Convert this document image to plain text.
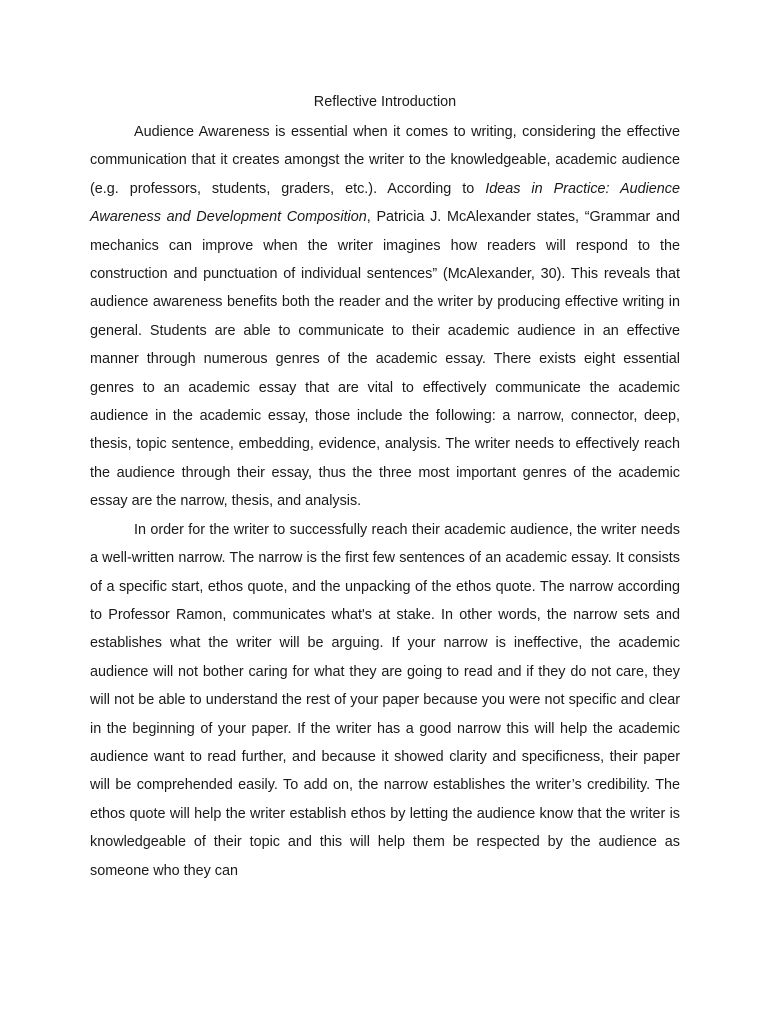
Reflective Introduction

Audience Awareness is essential when it comes to writing, considering the effective communication that it creates amongst the writer to the knowledgeable, academic audience (e.g. professors, students, graders, etc.). According to Ideas in Practice: Audience Awareness and Development Composition, Patricia J. McAlexander states, “Grammar and mechanics can improve when the writer imagines how readers will respond to the construction and punctuation of individual sentences” (McAlexander, 30). This reveals that audience awareness benefits both the reader and the writer by producing effective writing in general. Students are able to communicate to their academic audience in an effective manner through numerous genres of the academic essay. There exists eight essential genres to an academic essay that are vital to effectively communicate the academic audience in the academic essay, those include the following: a narrow, connector, deep, thesis, topic sentence, embedding, evidence, analysis. The writer needs to effectively reach the audience through their essay, thus the three most important genres of the academic essay are the narrow, thesis, and analysis.

In order for the writer to successfully reach their academic audience, the writer needs a well-written narrow. The narrow is the first few sentences of an academic essay. It consists of a specific start, ethos quote, and the unpacking of the ethos quote. The narrow according to Professor Ramon, communicates what's at stake. In other words, the narrow sets and establishes what the writer will be arguing. If your narrow is ineffective, the academic audience will not bother caring for what they are going to read and if they do not care, they will not be able to understand the rest of your paper because you were not specific and clear in the beginning of your paper. If the writer has a good narrow this will help the academic audience want to read further, and because it showed clarity and specificness, their paper will be comprehended easily. To add on, the narrow establishes the writer’s credibility. The ethos quote will help the writer establish ethos by letting the audience know that the writer is knowledgeable of their topic and this will help them be respected by the audience as someone who they can
